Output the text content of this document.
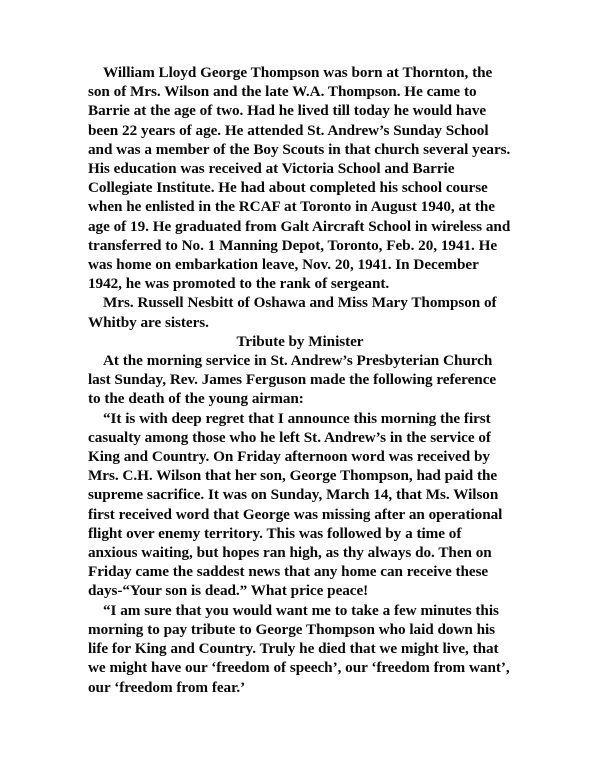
William Lloyd George Thompson was born at Thornton, the son of Mrs. Wilson and the late W.A. Thompson. He came to Barrie at the age of two. Had he lived till today he would have been 22 years of age. He attended St. Andrew’s Sunday School and was a member of the Boy Scouts in that church several years. His education was received at Victoria School and Barrie Collegiate Institute. He had about completed his school course when he enlisted in the RCAF at Toronto in August 1940, at the age of 19. He graduated from Galt Aircraft School in wireless and transferred to No. 1 Manning Depot, Toronto, Feb. 20, 1941. He was home on embarkation leave, Nov. 20, 1941. In December 1942, he was promoted to the rank of sergeant.

Mrs. Russell Nesbitt of Oshawa and Miss Mary Thompson of Whitby are sisters.

Tribute by Minister

At the morning service in St. Andrew’s Presbyterian Church last Sunday, Rev. James Ferguson made the following reference to the death of the young airman:

“It is with deep regret that I announce this morning the first casualty among those who he left St. Andrew’s in the service of King and Country. On Friday afternoon word was received by Mrs. C.H. Wilson that her son, George Thompson, had paid the supreme sacrifice. It was on Sunday, March 14, that Ms. Wilson first received word that George was missing after an operational flight over enemy territory. This was followed by a time of anxious waiting, but hopes ran high, as thy always do. Then on Friday came the saddest news that any home can receive these days-“Your son is dead.” What price peace!

“I am sure that you would want me to take a few minutes this morning to pay tribute to George Thompson who laid down his life for King and Country. Truly he died that we might live, that we might have our ‘freedom of speech’, our ‘freedom from want’, our ‘freedom from fear.’
